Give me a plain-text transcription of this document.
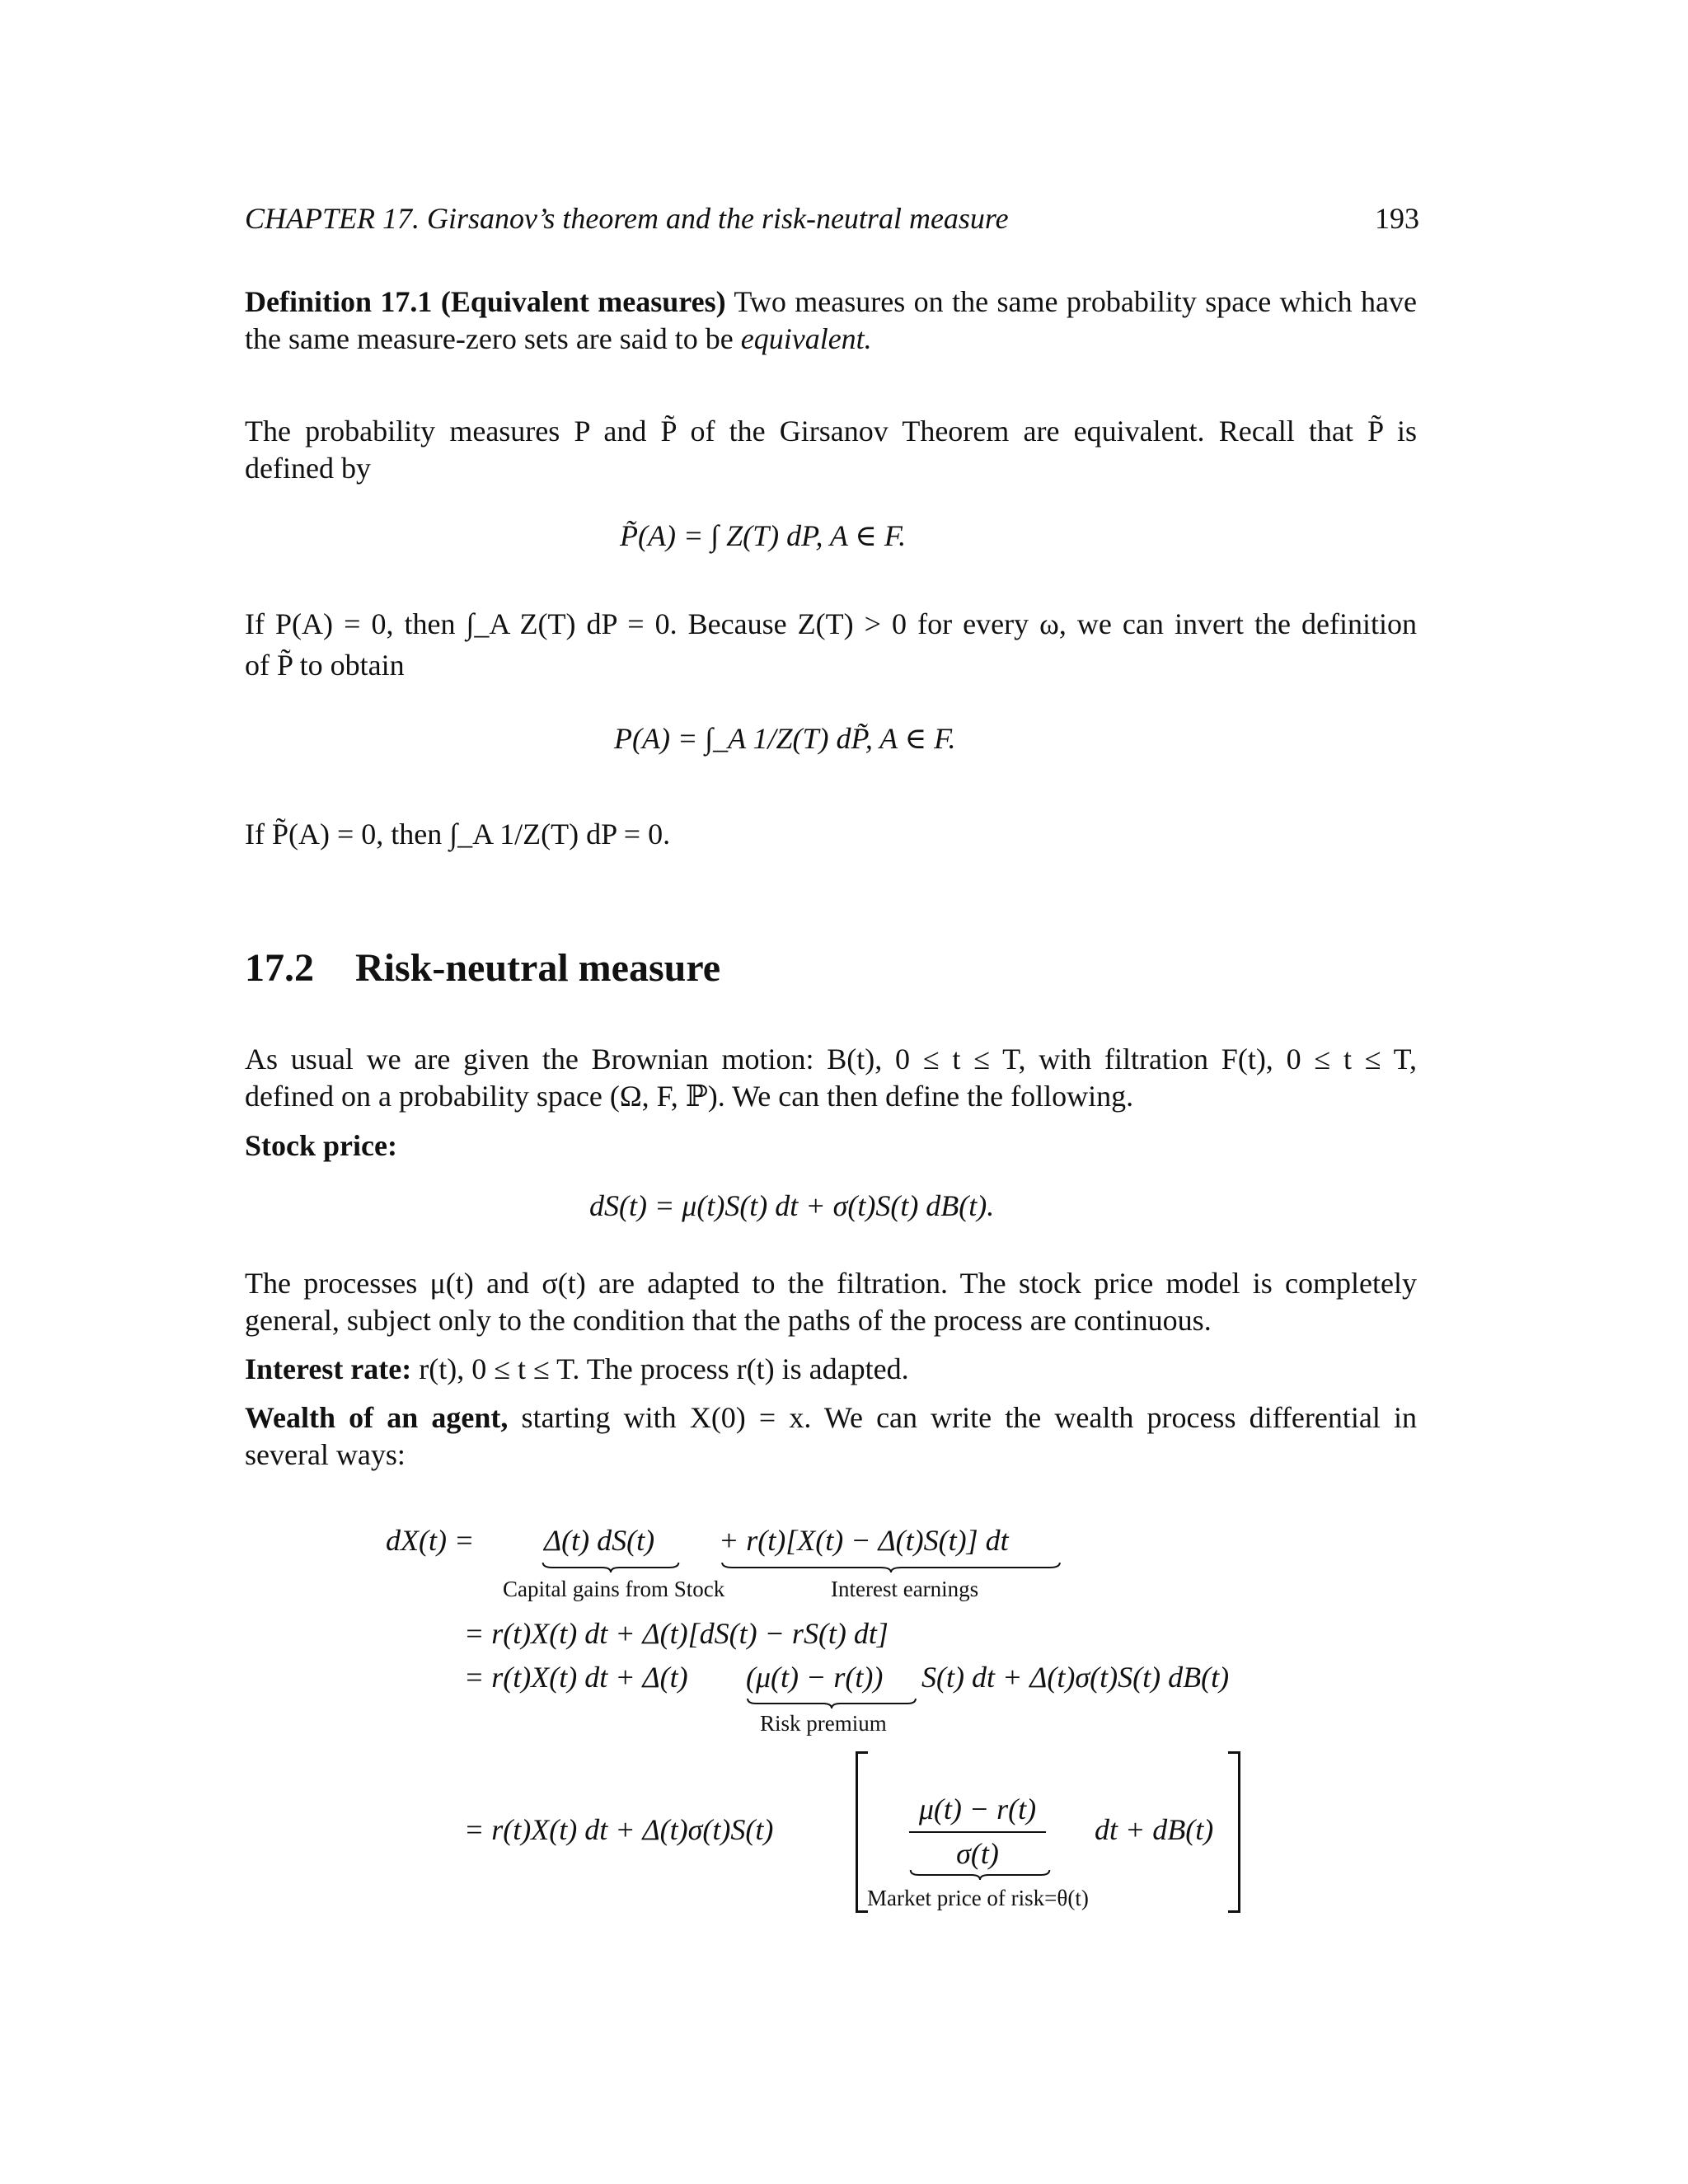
CHAPTER 17. Girsanov’s theorem and the risk-neutral measure	193
Definition 17.1 (Equivalent measures) Two measures on the same probability space which have
the same measure-zero sets are said to be equivalent.
The probability measures P and P̃ of the Girsanov Theorem are equivalent. Recall that P̃ is
defined by
P̃(A) = ∫ Z(T) dP, A ∈ F.
If P(A) = 0, then ∫_A Z(T) dP = 0. Because Z(T) > 0 for every ω, we can invert the definition
of P̃ to obtain
P(A) = ∫_A 1/Z(T) dP̃, A ∈ F.
If P̃(A) = 0, then ∫_A 1/Z(T) dP = 0.
17.2 Risk-neutral measure
As usual we are given the Brownian motion: B(t), 0 ≤ t ≤ T, with filtration F(t), 0 ≤ t ≤ T,
defined on a probability space (Ω, F, ℙ). We can then define the following.
Stock price:
dS(t) = μ(t)S(t) dt + σ(t)S(t) dB(t).
The processes μ(t) and σ(t) are adapted to the filtration. The stock price model is completely
general, subject only to the condition that the paths of the process are continuous.
Interest rate: r(t), 0 ≤ t ≤ T. The process r(t) is adapted.
Wealth of an agent, starting with X(0) = x. We can write the wealth process differential in
several ways:
dX(t) = Δ(t) dS(t) + r(t)[X(t) − Δ(t)S(t)] dt
Capital gains from Stock	Interest earnings
= r(t)X(t) dt + Δ(t)[dS(t) − rS(t) dt]
= r(t)X(t) dt + Δ(t) (μ(t) − r(t)) S(t) dt + Δ(t)σ(t)S(t) dB(t)
Risk premium
= r(t)X(t) dt + Δ(t)σ(t)S(t)
μ(t) − r(t)
σ(t)
Market price of risk=θ(t)
dt + dB(t)
